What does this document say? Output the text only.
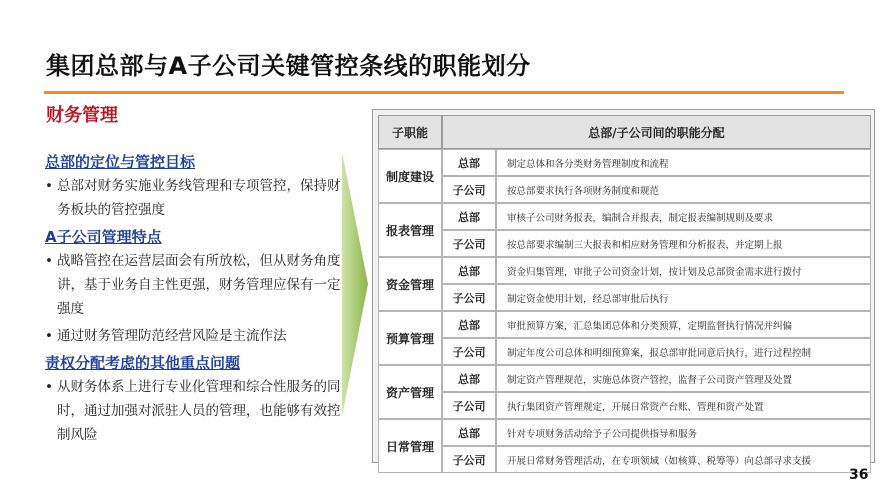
集团总部与A子公司关键管控条线的职能划分
财务管理
总部的定位与管控目标
• 总部对财务实施业务线管理和专项管控，保持财务板块的管控强度
A子公司管理特点
• 战略管控在运营层面会有所放松，但从财务角度讲，基于业务自主性更强，财务管理应保有一定强度
• 通过财务管理防范经营风险是主流作法
责权分配考虑的其他重点问题
• 从财务体系上进行专业化管理和综合性服务的同时，通过加强对派驻人员的管理，也能够有效控制风险
子职能	总部/子公司间的职能分配	
制度建设	总部	制定总体和各分类财务管理制度和流程
	子公司	按总部要求执行各项财务制度和规范
报表管理	总部	审核子公司财务报表，编制合并报表，制定报表编制规则及要求
	子公司	按总部要求编制三大报表和相应财务管理和分析报表，并定期上报
资金管理	总部	资金归集管理，审批子公司资金计划，按计划及总部资金需求进行拨付
	子公司	制定资金使用计划，经总部审批后执行
预算管理	总部	审批预算方案，汇总集团总体和分类预算，定期监督执行情况并纠偏
	子公司	制定年度公司总体和明细预算案，报总部审批同意后执行，进行过程控制
资产管理	总部	制定资产管理规范，实施总体资产管控，监督子公司资产管理及处置
	子公司	执行集团资产管理规定，开展日常资产台账、管理和资产处置
日常管理	总部	针对专项财务活动给予子公司提供指导和服务
	子公司	开展日常财务管理活动，在专项领域（如核算、税筹等）向总部寻求支援
36
